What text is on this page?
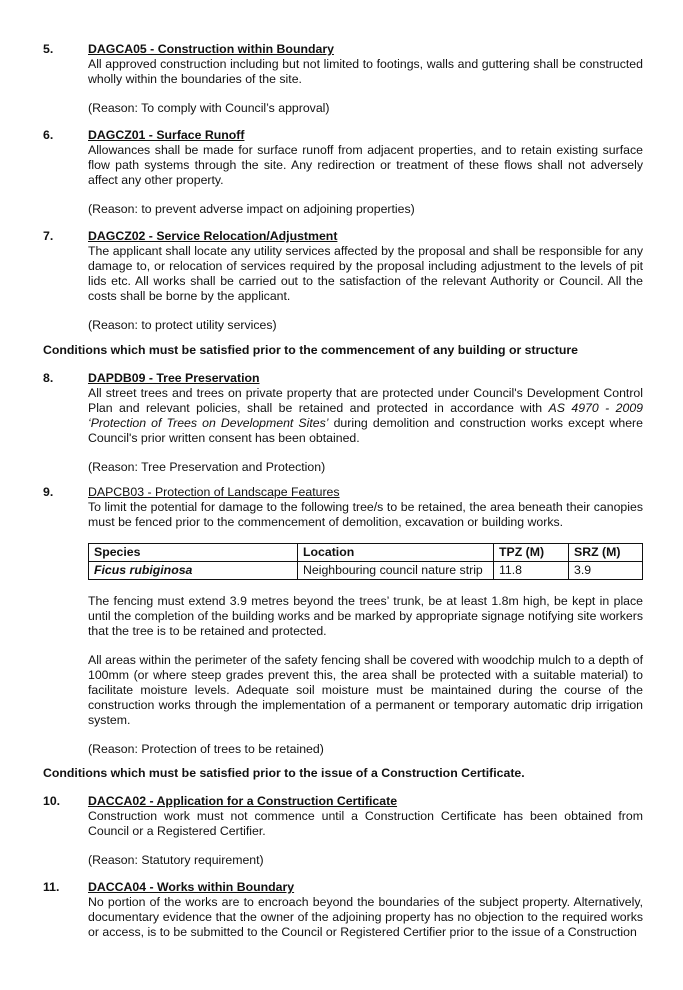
5.	DAGCA05 - Construction within Boundary

All approved construction including but not limited to footings, walls and guttering shall be constructed wholly within the boundaries of the site.

(Reason: To comply with Council’s approval)

6.	DAGCZ01 - Surface Runoff

Allowances shall be made for surface runoff from adjacent properties, and to retain existing surface flow path systems through the site. Any redirection or treatment of these flows shall not adversely affect any other property.

(Reason: to prevent adverse impact on adjoining properties)

7.	DAGCZ02 - Service Relocation/Adjustment

The applicant shall locate any utility services affected by the proposal and shall be responsible for any damage to, or relocation of services required by the proposal including adjustment to the levels of pit lids etc. All works shall be carried out to the satisfaction of the relevant Authority or Council. All the costs shall be borne by the applicant.

(Reason: to protect utility services)

Conditions which must be satisfied prior to the commencement of any building or structure
8.	DAPDB09 - Tree Preservation

All street trees and trees on private property that are protected under Council's Development Control Plan and relevant policies, shall be retained and protected in accordance with AS 4970 - 2009 ‘Protection of Trees on Development Sites’ during demolition and construction works except where Council's prior written consent has been obtained.

(Reason: Tree Preservation and Protection)

9.	DAPCB03 - Protection of Landscape Features

To limit the potential for damage to the following tree/s to be retained, the area beneath their canopies must be fenced prior to the commencement of demolition, excavation or building works.

Species	Location	TPZ (M)	SRZ (M)
Ficus rubiginosa	Neighbouring council nature strip	11.8	3.9

The fencing must extend 3.9 metres beyond the trees’ trunk, be at least 1.8m high, be kept in place until the completion of the building works and be marked by appropriate signage notifying site workers that the tree is to be retained and protected.

All areas within the perimeter of the safety fencing shall be covered with woodchip mulch to a depth of 100mm (or where steep grades prevent this, the area shall be protected with a suitable material) to facilitate moisture levels. Adequate soil moisture must be maintained during the course of the construction works through the implementation of a permanent or temporary automatic drip irrigation system.

(Reason: Protection of trees to be retained)

Conditions which must be satisfied prior to the issue of a Construction Certificate.
10. DACCA02 - Application for a Construction Certificate

Construction work must not commence until a Construction Certificate has been obtained from Council or a Registered Certifier.

(Reason: Statutory requirement)

11. DACCA04 - Works within Boundary

No portion of the works are to encroach beyond the boundaries of the subject property. Alternatively, documentary evidence that the owner of the adjoining property has no objection to the required works or access, is to be submitted to the Council or Registered Certifier prior to the issue of a Construction
